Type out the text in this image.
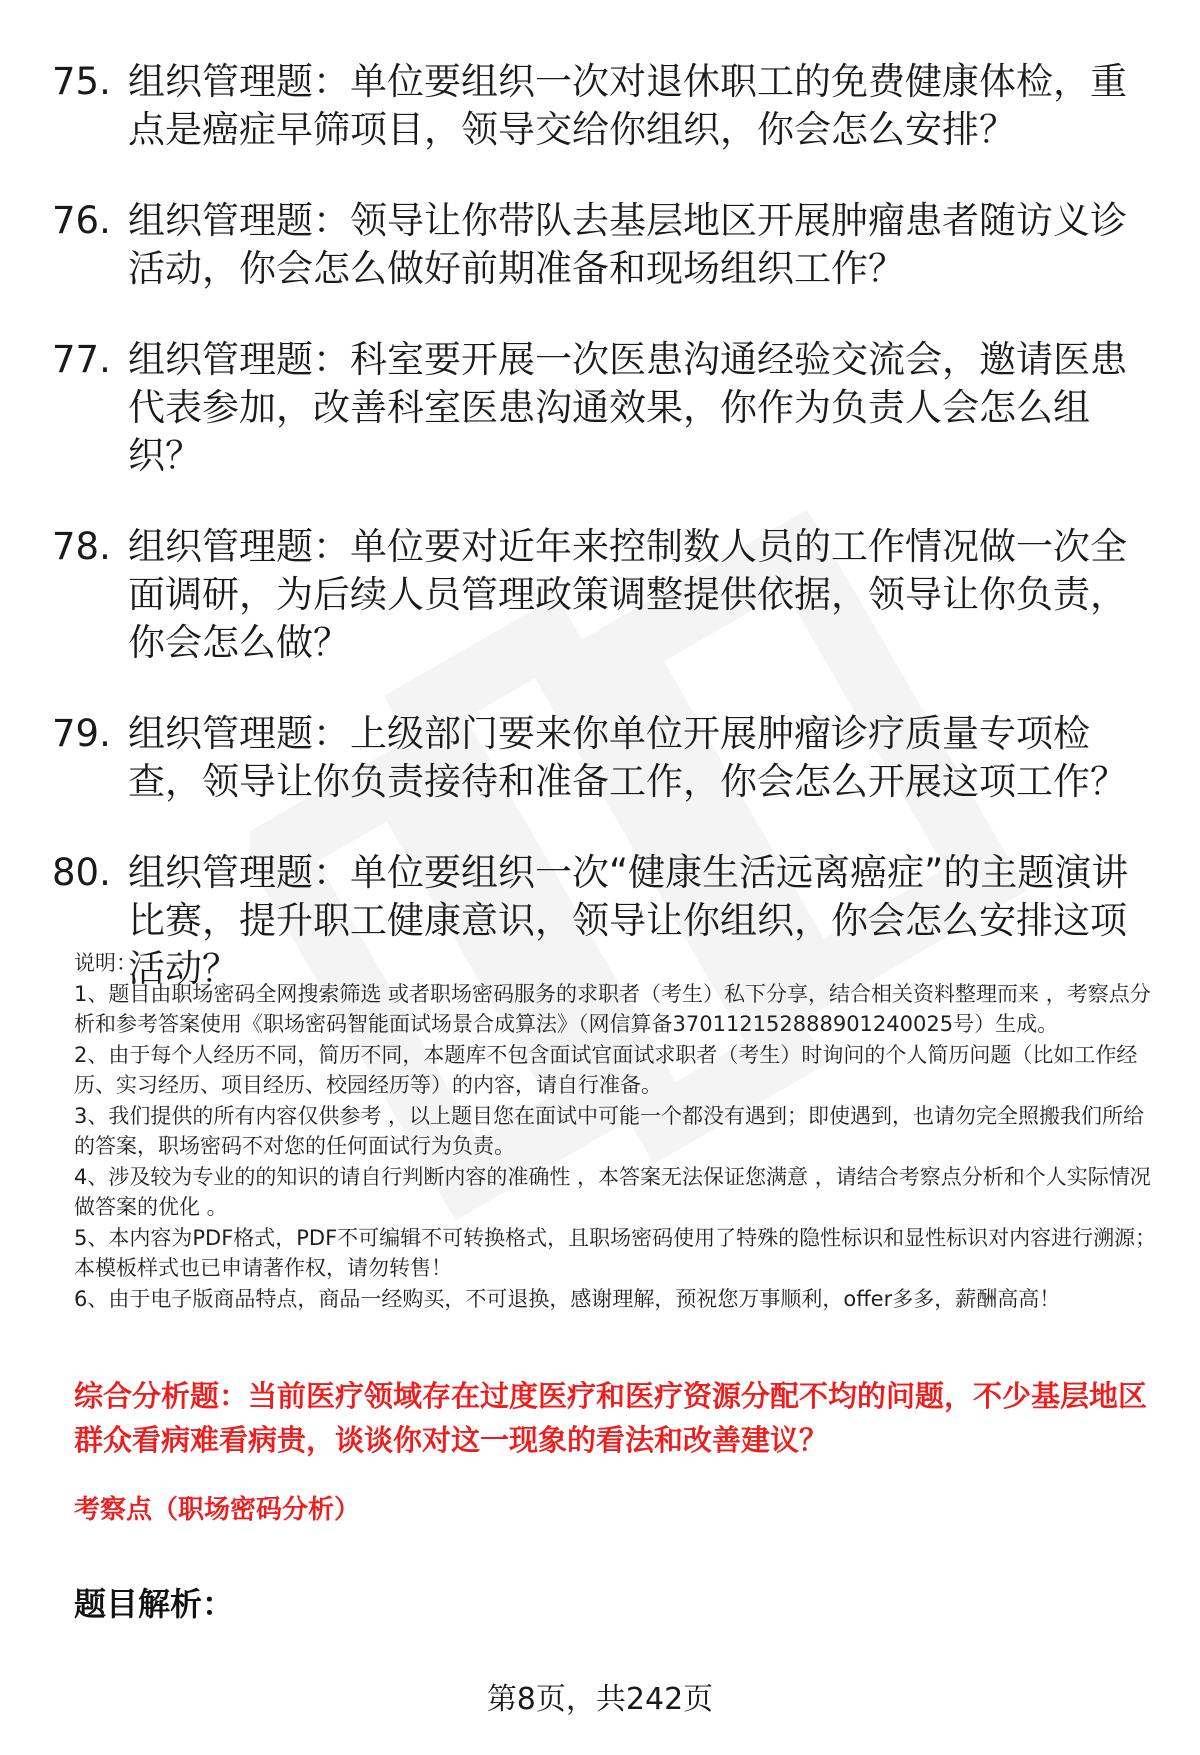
75. 组织管理题：单位要组织一次对退休职工的免费健康体检，重点是癌症早筛项目，领导交给你组织，你会怎么安排？
76. 组织管理题：领导让你带队去基层地区开展肿瘤患者随访义诊活动，你会怎么做好前期准备和现场组织工作？
77. 组织管理题：科室要开展一次医患沟通经验交流会，邀请医患代表参加，改善科室医患沟通效果，你作为负责人会怎么组织？
78. 组织管理题：单位要对近年来控制数人员的工作情况做一次全面调研，为后续人员管理政策调整提供依据，领导让你负责，你会怎么做？
79. 组织管理题：上级部门要来你单位开展肿瘤诊疗质量专项检查，领导让你负责接待和准备工作，你会怎么开展这项工作？
80. 组织管理题：单位要组织一次“健康生活远离癌症”的主题演讲比赛，提升职工健康意识，领导让你组织，你会怎么安排这项活动？

说明：

1、题目由职场密码全网搜索筛选 或者职场密码服务的求职者（考生）私下分享，结合相关资料整理而来 ，考察点分析和参考答案使用《职场密码智能面试场景合成算法》（网信算备370112152888901240025号）生成。

2、由于每个人经历不同，简历不同，本题库不包含面试官面试求职者（考生）时询问的个人简历问题（比如工作经历、实习经历、项目经历、校园经历等）的内容，请自行准备。

3、我们提供的所有内容仅供参考 ，以上题目您在面试中可能一个都没有遇到；即使遇到，也请勿完全照搬我们所给的答案，职场密码不对您的任何面试行为负责。

4、涉及较为专业的的知识的请自行判断内容的准确性 ，本答案无法保证您满意 ，请结合考察点分析和个人实际情况做答案的优化 。

5、本内容为PDF格式，PDF不可编辑不可转换格式，且职场密码使用了特殊的隐性标识和显性标识对内容进行溯源；本模板样式也已申请著作权，请勿转售！

6、由于电子版商品特点，商品一经购买，不可退换，感谢理解，预祝您万事顺利，offer多多，薪酬高高！

综合分析题：当前医疗领域存在过度医疗和医疗资源分配不均的问题，不少基层地区群众看病难看病贵，谈谈你对这一现象的看法和改善建议？
考察点（职场密码分析）
题目解析：
第8页，共242页
